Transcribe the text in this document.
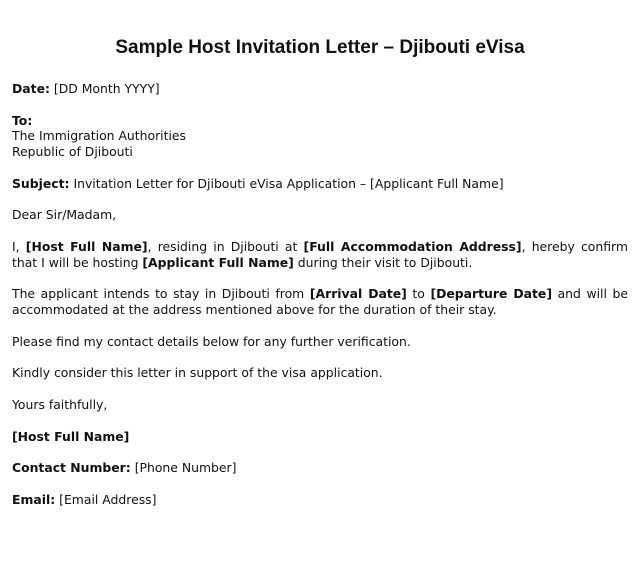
Sample Host Invitation Letter – Djibouti eVisa

Date: [DD Month YYYY]

To:
The Immigration Authorities
Republic of Djibouti

Subject: Invitation Letter for Djibouti eVisa Application – [Applicant Full Name]

Dear Sir/Madam,

I, [Host Full Name], residing in Djibouti at [Full Accommodation Address], hereby confirm that I will be hosting [Applicant Full Name] during their visit to Djibouti.

The applicant intends to stay in Djibouti from [Arrival Date] to [Departure Date] and will be accommodated at the address mentioned above for the duration of their stay.

Please find my contact details below for any further verification.

Kindly consider this letter in support of the visa application.

Yours faithfully,

[Host Full Name]

Contact Number: [Phone Number]

Email: [Email Address]
